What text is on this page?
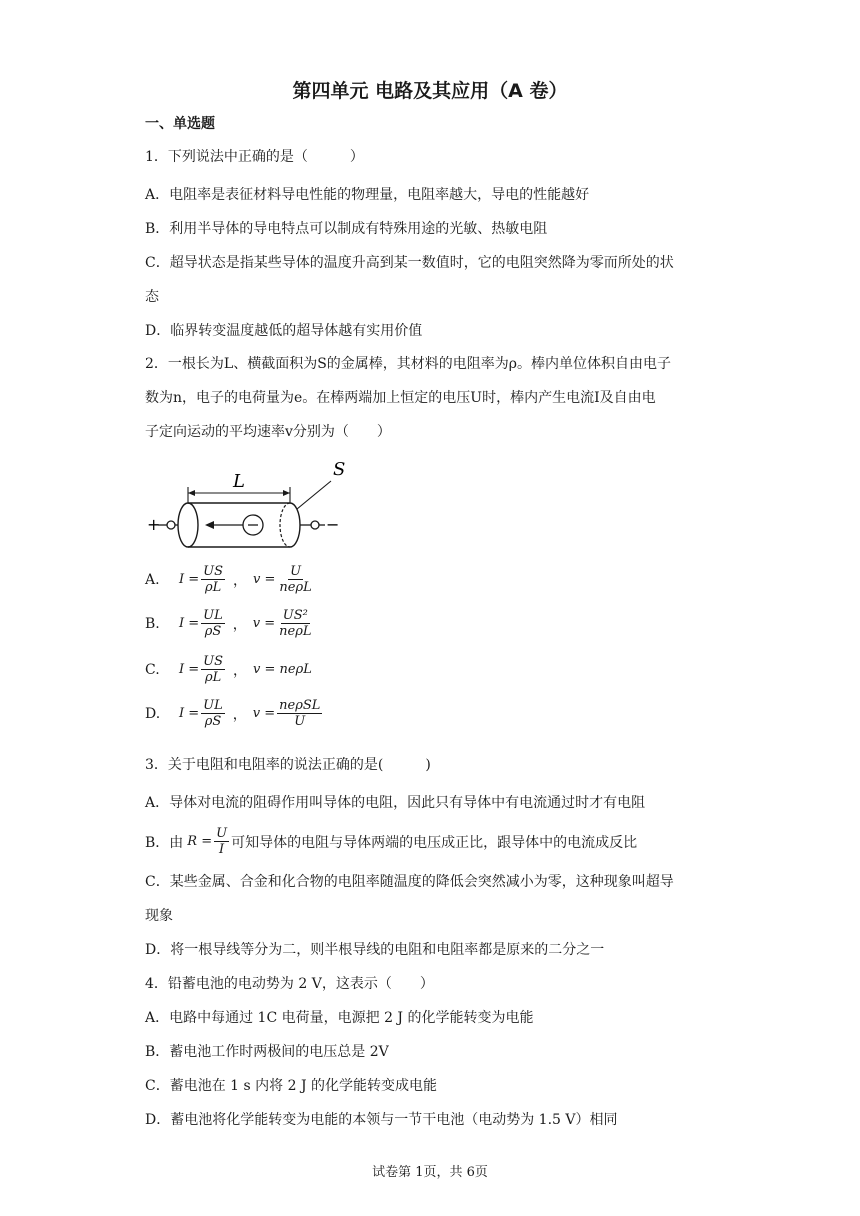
第四单元 电路及其应用（A 卷）
一、单选题
1．下列说法中正确的是（　　　）
A．电阻率是表征材料导电性能的物理量，电阻率越大，导电的性能越好
B．利用半导体的导电特点可以制成有特殊用途的光敏、热敏电阻
C．超导状态是指某些导体的温度升高到某一数值时，它的电阻突然降为零而所处的状
态
D．临界转变温度越低的超导体越有实用价值
2．一根长为L、横截面积为S的金属棒，其材料的电阻率为ρ。棒内单位体积自由电子
数为n，电子的电荷量为e。在棒两端加上恒定的电压U时，棒内产生电流I及自由电
子定向运动的平均速率v分别为（　　）
+
L
S
−
A.	$I = \frac{US}{\rho L}$ ， $v = \frac{U}{\text{neρL}}$
B.	$I = \frac{UL}{\rho S}$ ， $v = \frac{\text{US²}}{\text{neρL}}$
C.	$I = \frac{US}{\rho L}$ ， v = neρL
D.	$I = \frac{UL}{\rho S}$ ， $v = \frac{\text{neρSL}}{U}$
3．关于电阻和电阻率的说法正确的是(　　　)
A．导体对电流的阻碍作用叫导体的电阻，因此只有导体中有电流通过时才有电阻
B．由 $R = \frac{U}{I}$ 可知导体的电阻与导体两端的电压成正比，跟导体中的电流成反比
C．某些金属、合金和化合物的电阻率随温度的降低会突然减小为零，这种现象叫超导
现象
D．将一根导线等分为二，则半根导线的电阻和电阻率都是原来的二分之一
4．铅蓄电池的电动势为 2 V，这表示（　　）
A．电路中每通过 1C 电荷量，电源把 2 J 的化学能转变为电能
B．蓄电池工作时两极间的电压总是 2V
C．蓄电池在 1 s 内将 2 J 的化学能转变成电能
D．蓄电池将化学能转变为电能的本领与一节干电池（电动势为 1.5 V）相同
试卷第 1页，共 6页
